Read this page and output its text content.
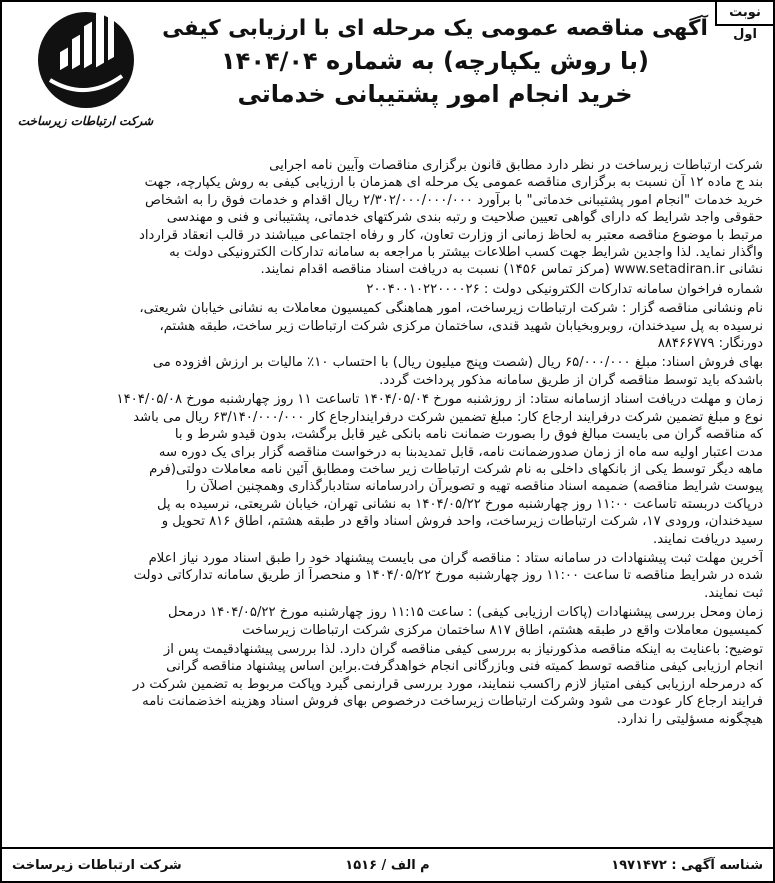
نوبت اول
شرکت ارتباطات زیرساخت
آگهی مناقصه عمومی یک مرحله ای با ارزیابی کیفی
(با روش یکپارچه) به شماره ۱۴۰۴/۰۴
خرید انجام امور پشتیبانی خدماتی
شرکت ارتباطات زیرساخت در نظر دارد مطابق قانون برگزاری مناقصات وآیین نامه اجرایی
بند ج ماده ۱۲ آن نسبت به برگزاری مناقصه عمومی یک مرحله ای همزمان با ارزیابی کیفی به روش یکپارچه، جهت
خرید خدمات "انجام امور پشتیبانی خدماتی" با برآورد ۲/۳۰۲/۰۰۰/۰۰۰/۰۰۰ ریال اقدام و خدمات فوق را به اشخاص
حقوقی واجد شرایط که دارای گواهی تعیین صلاحیت و رتبه بندی شرکتهای خدماتی، پشتیبانی و فنی و مهندسی
مرتبط با موضوع مناقصه معتبر به لحاظ زمانی از وزارت تعاون، کار و رفاه اجتماعی میباشند در قالب انعقاد قرارداد
واگذار نماید. لذا واجدین شرایط جهت کسب اطلاعات بیشتر با مراجعه به سامانه تدارکات الکترونیکی دولت به
نشانی www.setadiran.ir (مرکز تماس ۱۴۵۶) نسبت به دریافت اسناد مناقصه اقدام نمایند.
شماره فراخوان سامانه تدارکات الکترونیکی دولت : ۲۰۰۴۰۰۱۰۲۲۰۰۰۰۲۶
نام ونشانی مناقصه گزار : شرکت ارتباطات زیرساخت، امور هماهنگی کمیسیون معاملات به نشانی خیابان شریعتی،
نرسیده به پل سیدخندان، روبروبخیابان شهید قندی، ساختمان مرکزی شرکت ارتباطات زیر ساخت، طبقه هشتم،
دورنگار: ۸۸۴۶۶۷۷۹
بهای فروش اسناد: مبلغ ۶۵/۰۰۰/۰۰۰ ریال (شصت وپنج میلیون ریال) با احتساب ۱۰٪ مالیات بر ارزش افزوده می
باشدکه باید توسط مناقصه گران از طریق سامانه مذکور پرداخت گردد.
زمان و مهلت دریافت اسناد ازسامانه ستاد: از روزشنبه مورخ ۱۴۰۴/۰۵/۰۴ تاساعت ۱۱ روز چهارشنبه مورخ ۱۴۰۴/۰۵/۰۸
نوع و مبلغ تضمین شرکت درفرایند ارجاع کار: مبلغ تضمین شرکت درفرایندارجاع کار ۶۳/۱۴۰/۰۰۰/۰۰۰ ریال می باشد
که مناقصه گران می بایست مبالغ فوق را بصورت ضمانت نامه بانکی غیر قابل برگشت، بدون قیدو شرط و با
مدت اعتبار اولیه سه ماه از زمان صدورضمانت نامه، قابل تمدیدبنا به درخواست مناقصه گزار برای یک دوره سه
ماهه دیگر توسط یکی از بانکهای داخلی به نام شرکت ارتباطات زیر ساخت ومطابق آئین نامه معاملات دولتی(فرم
پیوست شرایط مناقصه) ضمیمه اسناد مناقصه تهیه و تصویرآن رادرسامانه ستادبارگذاری وهمچنین اصلآن را
درپاکت دربسته تاساعت ۱۱:۰۰ روز چهارشنبه مورخ ۱۴۰۴/۰۵/۲۲ به نشانی تهران، خیابان شریعتی، نرسیده به پل
سیدخندان، ورودی ۱۷، شرکت ارتباطات زیرساخت، واحد فروش اسناد واقع در طبقه هشتم، اطاق ۸۱۶ تحویل و
رسید دریافت نمایند.
آخرین مهلت ثبت پیشنهادات در سامانه ستاد : مناقصه گران می بایست پیشنهاد خود را طبق اسناد مورد نیاز اعلام
شده در شرایط مناقصه تا ساعت ۱۱:۰۰ روز چهارشنبه مورخ ۱۴۰۴/۰۵/۲۲ و منحصراً از طریق سامانه تدارکاتی دولت
ثبت نمایند.
زمان ومحل بررسی پیشنهادات (پاکات ارزیابی کیفی) : ساعت ۱۱:۱۵ روز چهارشنبه مورخ ۱۴۰۴/۰۵/۲۲ درمحل
کمیسیون معاملات واقع در طبقه هشتم، اطاق ۸۱۷ ساختمان مرکزی شرکت ارتباطات زیرساخت
توضیح: باعنایت به اینکه مناقصه مذکورنیاز به بررسی کیفی مناقصه گران دارد. لذا بررسی پیشنهادقیمت پس از
انجام ارزیابی کیفی مناقصه توسط کمیته فنی وبازرگانی انجام خواهدگرفت.براین اساس پیشنهاد مناقصه گرانی
که درمرحله ارزیابی کیفی امتیاز لازم راکسب ننمایند، مورد بررسی قرارنمی گیرد وپاکت مربوط به تضمین شرکت در
فرایند ارجاع کار عودت می شود وشرکت ارتباطات زیرساخت درخصوص بهای فروش اسناد وهزینه اخذضمانت نامه
هیچگونه مسؤلیتی را ندارد.
شناسه آگهی : ۱۹۷۱۴۷۲
م الف / ۱۵۱۶
شرکت ارتباطات زیرساخت
